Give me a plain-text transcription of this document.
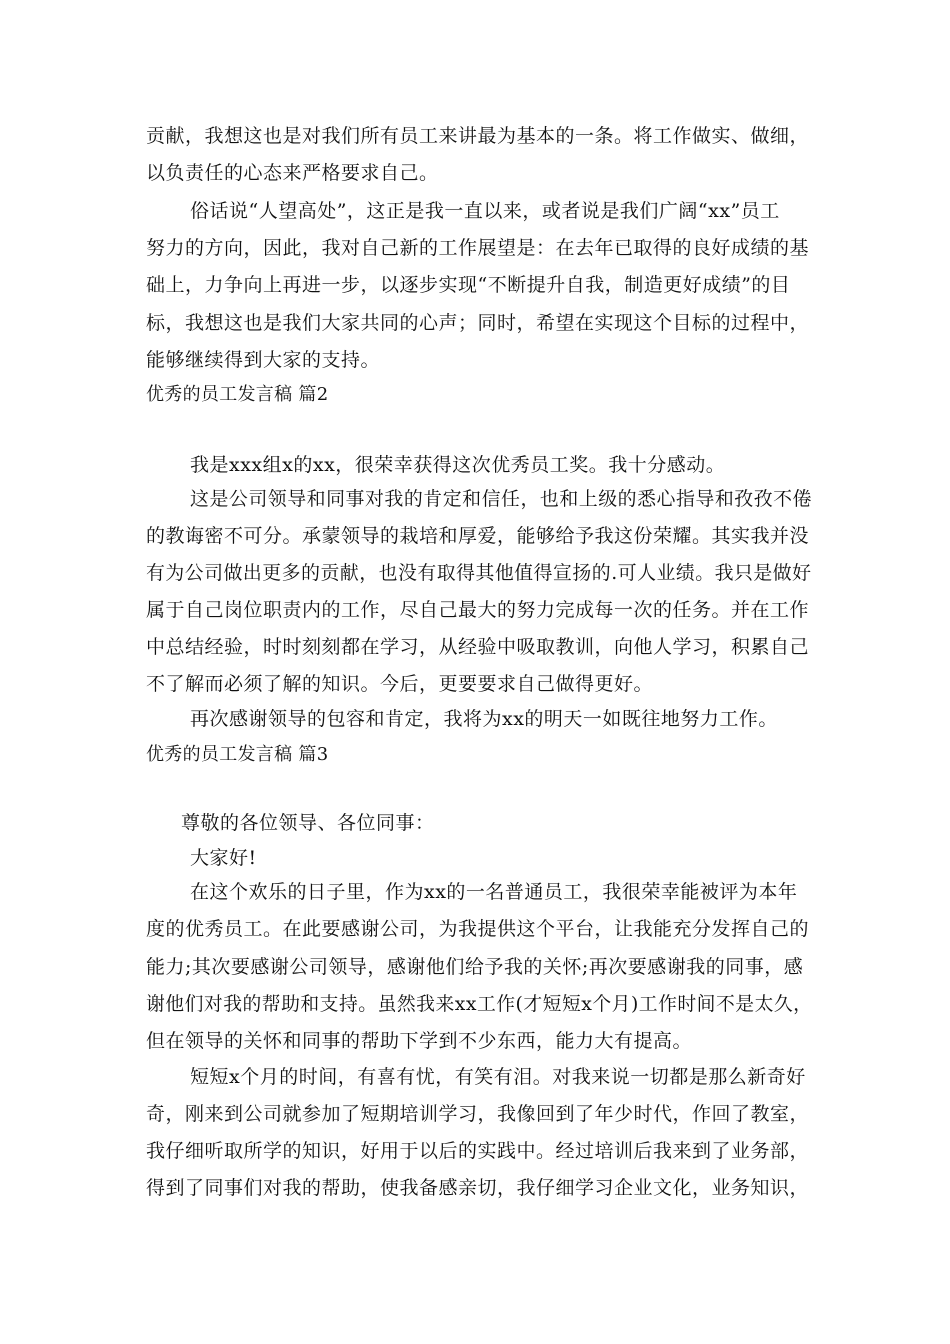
贡献，我想这也是对我们所有员工来讲最为基本的一条。将工作做实、做细，
以负责任的心态来严格要求自己。
俗话说“人望高处”，这正是我一直以来，或者说是我们广阔“xx”员工
努力的方向，因此，我对自己新的工作展望是：在去年已取得的良好成绩的基
础上，力争向上再进一步，以逐步实现“不断提升自我，制造更好成绩”的目
标，我想这也是我们大家共同的心声；同时，希望在实现这个目标的过程中，
能够继续得到大家的支持。
优秀的员工发言稿 篇2
我是xxx组x的xx，很荣幸获得这次优秀员工奖。我十分感动。
这是公司领导和同事对我的肯定和信任，也和上级的悉心指导和孜孜不倦
的教诲密不可分。承蒙领导的栽培和厚爱，能够给予我这份荣耀。其实我并没
有为公司做出更多的贡献，也没有取得其他值得宣扬的.可人业绩。我只是做好
属于自己岗位职责内的工作，尽自己最大的努力完成每一次的任务。并在工作
中总结经验，时时刻刻都在学习，从经验中吸取教训，向他人学习，积累自己
不了解而必须了解的知识。今后，更要要求自己做得更好。
再次感谢领导的包容和肯定，我将为xx的明天一如既往地努力工作。
优秀的员工发言稿 篇3
尊敬的各位领导、各位同事：
大家好!
在这个欢乐的日子里，作为xx的一名普通员工，我很荣幸能被评为本年
度的优秀员工。在此要感谢公司，为我提供这个平台，让我能充分发挥自己的
能力;其次要感谢公司领导，感谢他们给予我的关怀;再次要感谢我的同事，感
谢他们对我的帮助和支持。虽然我来xx工作(才短短x个月)工作时间不是太久，
但在领导的关怀和同事的帮助下学到不少东西，能力大有提高。
短短x个月的时间，有喜有忧，有笑有泪。对我来说一切都是那么新奇好
奇，刚来到公司就参加了短期培训学习，我像回到了年少时代，作回了教室，
我仔细听取所学的知识，好用于以后的实践中。经过培训后我来到了业务部，
得到了同事们对我的帮助，使我备感亲切，我仔细学习企业文化，业务知识，
